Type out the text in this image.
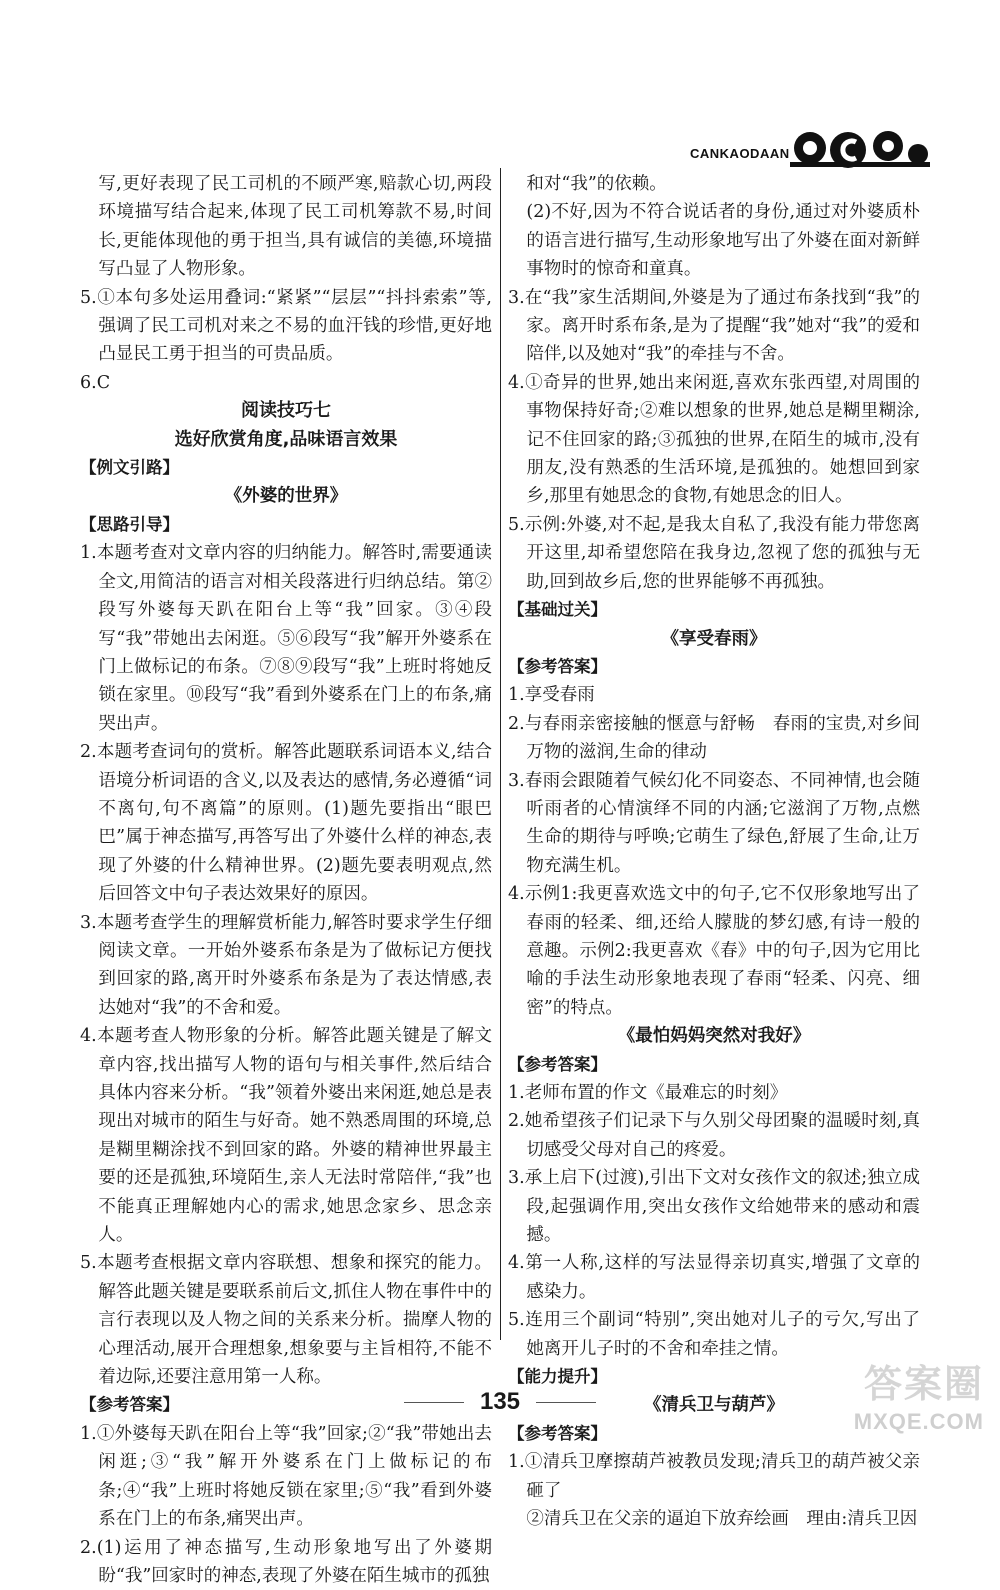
CANKAODAAN

写,更好表现了民工司机的不顾严寒,赔款心切,两段环境描写结合起来,体现了民工司机筹款不易,时间长,更能体现他的勇于担当,具有诚信的美德,环境描写凸显了人物形象。

5.①本句多处运用叠词:“紧紧”“层层”“抖抖索索”等,强调了民工司机对来之不易的血汗钱的珍惜,更好地凸显民工勇于担当的可贵品质。

6.C

阅读技巧七

选好欣赏角度,品味语言效果

【例文引路】

《外婆的世界》

【思路引导】

1.本题考查对文章内容的归纳能力。解答时,需要通读全文,用简洁的语言对相关段落进行归纳总结。第②段写外婆每天趴在阳台上等“我”回家。③④段写“我”带她出去闲逛。⑤⑥段写“我”解开外婆系在门上做标记的布条。⑦⑧⑨段写“我”上班时将她反锁在家里。⑩段写“我”看到外婆系在门上的布条,痛哭出声。

2.本题考查词句的赏析。解答此题联系词语本义,结合语境分析词语的含义,以及表达的感情,务必遵循“词不离句,句不离篇”的原则。(1)题先要指出“眼巴巴”属于神态描写,再答写出了外婆什么样的神态,表现了外婆的什么精神世界。(2)题先要表明观点,然后回答文中句子表达效果好的原因。

3.本题考查学生的理解赏析能力,解答时要求学生仔细阅读文章。一开始外婆系布条是为了做标记方便找到回家的路,离开时外婆系布条是为了表达情感,表达她对“我”的不舍和爱。

4.本题考查人物形象的分析。解答此题关键是了解文章内容,找出描写人物的语句与相关事件,然后结合具体内容来分析。“我”领着外婆出来闲逛,她总是表现出对城市的陌生与好奇。她不熟悉周围的环境,总是糊里糊涂找不到回家的路。外婆的精神世界最主要的还是孤独,环境陌生,亲人无法时常陪伴,“我”也不能真正理解她内心的需求,她思念家乡、思念亲人。

5.本题考查根据文章内容联想、想象和探究的能力。解答此题关键是要联系前后文,抓住人物在事件中的言行表现以及人物之间的关系来分析。揣摩人物的心理活动,展开合理想象,想象要与主旨相符,不能不着边际,还要注意用第一人称。

【参考答案】

1.①外婆每天趴在阳台上等“我”回家;②“我”带她出去闲逛;③“我”解开外婆系在门上做标记的布条;④“我”上班时将她反锁在家里;⑤“我”看到外婆系在门上的布条,痛哭出声。

2.(1)运用了神态描写,生动形象地写出了外婆期盼“我”回家时的神态,表现了外婆在陌生城市的孤独

和对“我”的依赖。

(2)不好,因为不符合说话者的身份,通过对外婆质朴的语言进行描写,生动形象地写出了外婆在面对新鲜事物时的惊奇和童真。

3.在“我”家生活期间,外婆是为了通过布条找到“我”的家。离开时系布条,是为了提醒“我”她对“我”的爱和陪伴,以及她对“我”的牵挂与不舍。

4.①奇异的世界,她出来闲逛,喜欢东张西望,对周围的事物保持好奇;②难以想象的世界,她总是糊里糊涂,记不住回家的路;③孤独的世界,在陌生的城市,没有朋友,没有熟悉的生活环境,是孤独的。她想回到家乡,那里有她思念的食物,有她思念的旧人。

5.示例:外婆,对不起,是我太自私了,我没有能力带您离开这里,却希望您陪在我身边,忽视了您的孤独与无助,回到故乡后,您的世界能够不再孤独。

【基础过关】

《享受春雨》

【参考答案】

1.享受春雨

2.与春雨亲密接触的惬意与舒畅　春雨的宝贵,对乡间万物的滋润,生命的律动

3.春雨会跟随着气候幻化不同姿态、不同神情,也会随听雨者的心情演绎不同的内涵;它滋润了万物,点燃生命的期待与呼唤;它萌生了绿色,舒展了生命,让万物充满生机。

4.示例1:我更喜欢选文中的句子,它不仅形象地写出了春雨的轻柔、细,还给人朦胧的梦幻感,有诗一般的意趣。示例2:我更喜欢《春》中的句子,因为它用比喻的手法生动形象地表现了春雨“轻柔、闪亮、细密”的特点。

《最怕妈妈突然对我好》

【参考答案】

1.老师布置的作文《最难忘的时刻》

2.她希望孩子们记录下与久别父母团聚的温暖时刻,真切感受父母对自己的疼爱。

3.承上启下(过渡),引出下文对女孩作文的叙述;独立成段,起强调作用,突出女孩作文给她带来的感动和震撼。

4.第一人称,这样的写法显得亲切真实,增强了文章的感染力。

5.连用三个副词“特别”,突出她对儿子的亏欠,写出了她离开儿子时的不舍和牵挂之情。

【能力提升】

《清兵卫与葫芦》

【参考答案】

1.①清兵卫摩擦葫芦被教员发现;清兵卫的葫芦被父亲砸了

②清兵卫在父亲的逼迫下放弃绘画　理由:清兵卫因

135	答案圈
MXQE.COM
